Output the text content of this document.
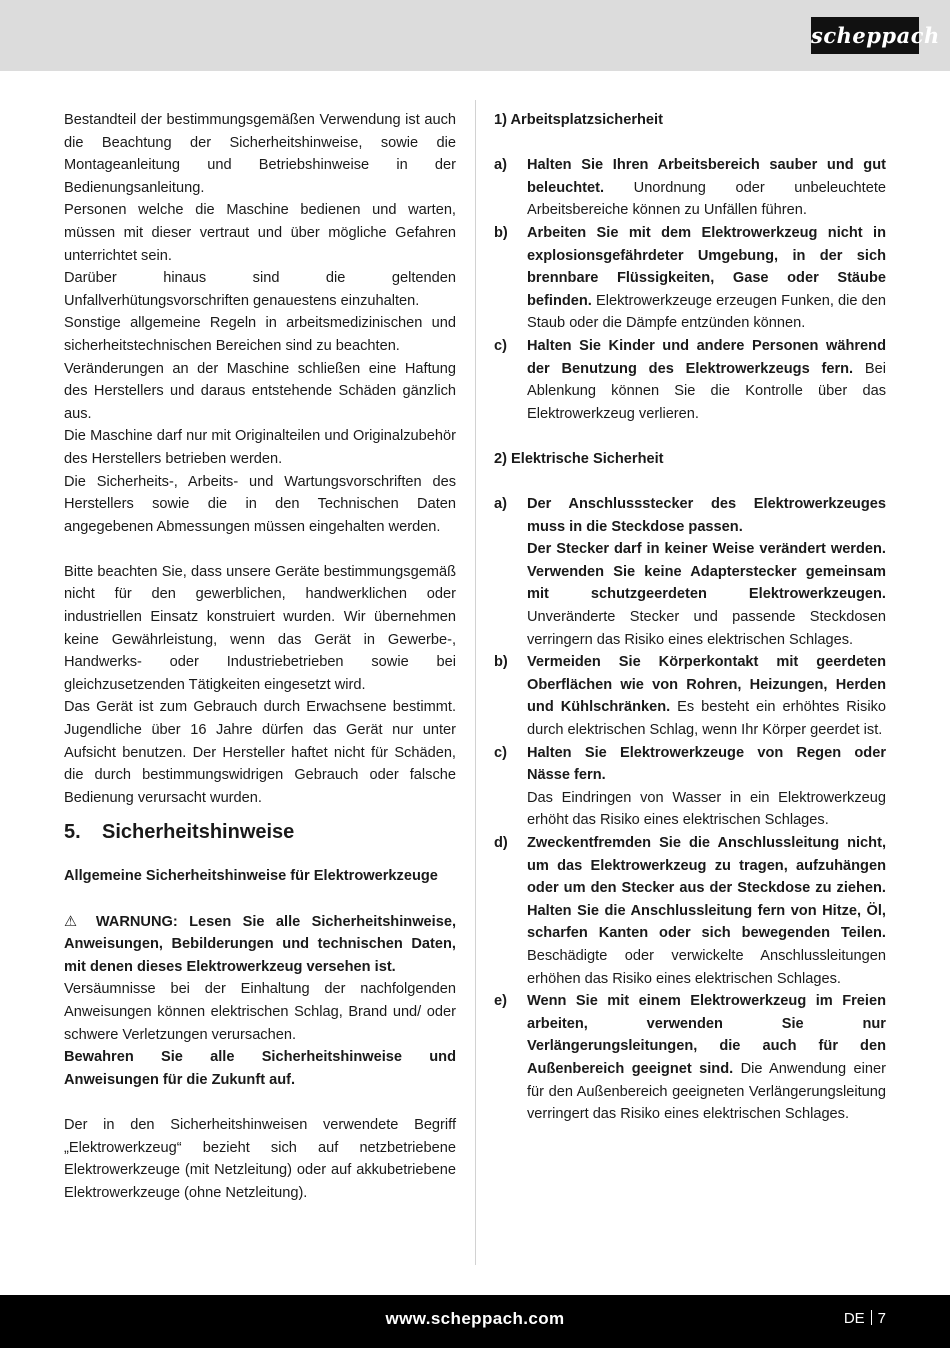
scheppach

Bestandteil der bestimmungsgemäßen Verwendung ist auch die Beachtung der Sicherheitshinweise, sowie die Montageanleitung und Betriebshinweise in der Bedienungsanleitung.

Personen welche die Maschine bedienen und warten, müssen mit dieser vertraut und über mögliche Gefahren unterrichtet sein.

Darüber hinaus sind die geltenden Unfallverhütungsvorschriften genauestens einzuhalten.

Sonstige allgemeine Regeln in arbeitsmedizinischen und sicherheitstechnischen Bereichen sind zu beachten.

Veränderungen an der Maschine schließen eine Haftung des Herstellers und daraus entstehende Schäden gänzlich aus.

Die Maschine darf nur mit Originalteilen und Originalzubehör des Herstellers betrieben werden.

Die Sicherheits-, Arbeits- und Wartungsvorschriften des Herstellers sowie die in den Technischen Daten angegebenen Abmessungen müssen eingehalten werden.

Bitte beachten Sie, dass unsere Geräte bestimmungsgemäß nicht für den gewerblichen, handwerklichen oder industriellen Einsatz konstruiert wurden. Wir übernehmen keine Gewährleistung, wenn das Gerät in Gewerbe-, Handwerks- oder Industriebetrieben sowie bei gleichzusetzenden Tätigkeiten eingesetzt wird.

Das Gerät ist zum Gebrauch durch Erwachsene bestimmt. Jugendliche über 16 Jahre dürfen das Gerät nur unter Aufsicht benutzen. Der Hersteller haftet nicht für Schäden, die durch bestimmungswidrigen Gebrauch oder falsche Bedienung verursacht wurden.

5. Sicherheitshinweise

Allgemeine Sicherheitshinweise für Elektrowerkzeuge

⚠ WARNUNG: Lesen Sie alle Sicherheitshinweise, Anweisungen, Bebilderungen und technischen Daten, mit denen dieses Elektrowerkzeug versehen ist.

Versäumnisse bei der Einhaltung der nachfolgenden Anweisungen können elektrischen Schlag, Brand und/ oder schwere Verletzungen verursachen.

Bewahren Sie alle Sicherheitshinweise und Anweisungen für die Zukunft auf.

Der in den Sicherheitshinweisen verwendete Begriff „Elektrowerkzeug“ bezieht sich auf netzbetriebene Elektrowerkzeuge (mit Netzleitung) oder auf akkubetriebene Elektrowerkzeuge (ohne Netzleitung).

1) Arbeitsplatzsicherheit

a) Halten Sie Ihren Arbeitsbereich sauber und gut beleuchtet. Unordnung oder unbeleuchtete Arbeitsbereiche können zu Unfällen führen.
b) Arbeiten Sie mit dem Elektrowerkzeug nicht in explosionsgefährdeter Umgebung, in der sich brennbare Flüssigkeiten, Gase oder Stäube befinden. Elektrowerkzeuge erzeugen Funken, die den Staub oder die Dämpfe entzünden können.
c) Halten Sie Kinder und andere Personen während der Benutzung des Elektrowerkzeugs fern. Bei Ablenkung können Sie die Kontrolle über das Elektrowerkzeug verlieren.

2) Elektrische Sicherheit

a) Der Anschlussstecker des Elektrowerkzeuges muss in die Steckdose passen.

Der Stecker darf in keiner Weise verändert werden. Verwenden Sie keine Adapterstecker gemeinsam mit schutzgeerdeten Elektrowerkzeugen. Unveränderte Stecker und passende Steckdosen verringern das Risiko eines elektrischen Schlages.

b) Vermeiden Sie Körperkontakt mit geerdeten Oberflächen wie von Rohren, Heizungen, Herden und Kühlschränken. Es besteht ein erhöhtes Risiko durch elektrischen Schlag, wenn Ihr Körper geerdet ist.
c) Halten Sie Elektrowerkzeuge von Regen oder Nässe fern.

Das Eindringen von Wasser in ein Elektrowerkzeug erhöht das Risiko eines elektrischen Schlages.

d) Zweckentfremden Sie die Anschlussleitung nicht, um das Elektrowerkzeug zu tragen, aufzuhängen oder um den Stecker aus der Steckdose zu ziehen. Halten Sie die Anschlussleitung fern von Hitze, Öl, scharfen Kanten oder sich bewegenden Teilen. Beschädigte oder verwickelte Anschlussleitungen erhöhen das Risiko eines elektrischen Schlages.
e) Wenn Sie mit einem Elektrowerkzeug im Freien arbeiten, verwenden Sie nur Verlängerungsleitungen, die auch für den Außenbereich geeignet sind. Die Anwendung einer für den Außenbereich geeigneten Verlängerungsleitung verringert das Risiko eines elektrischen Schlages.
www.scheppach.com	DE 7
